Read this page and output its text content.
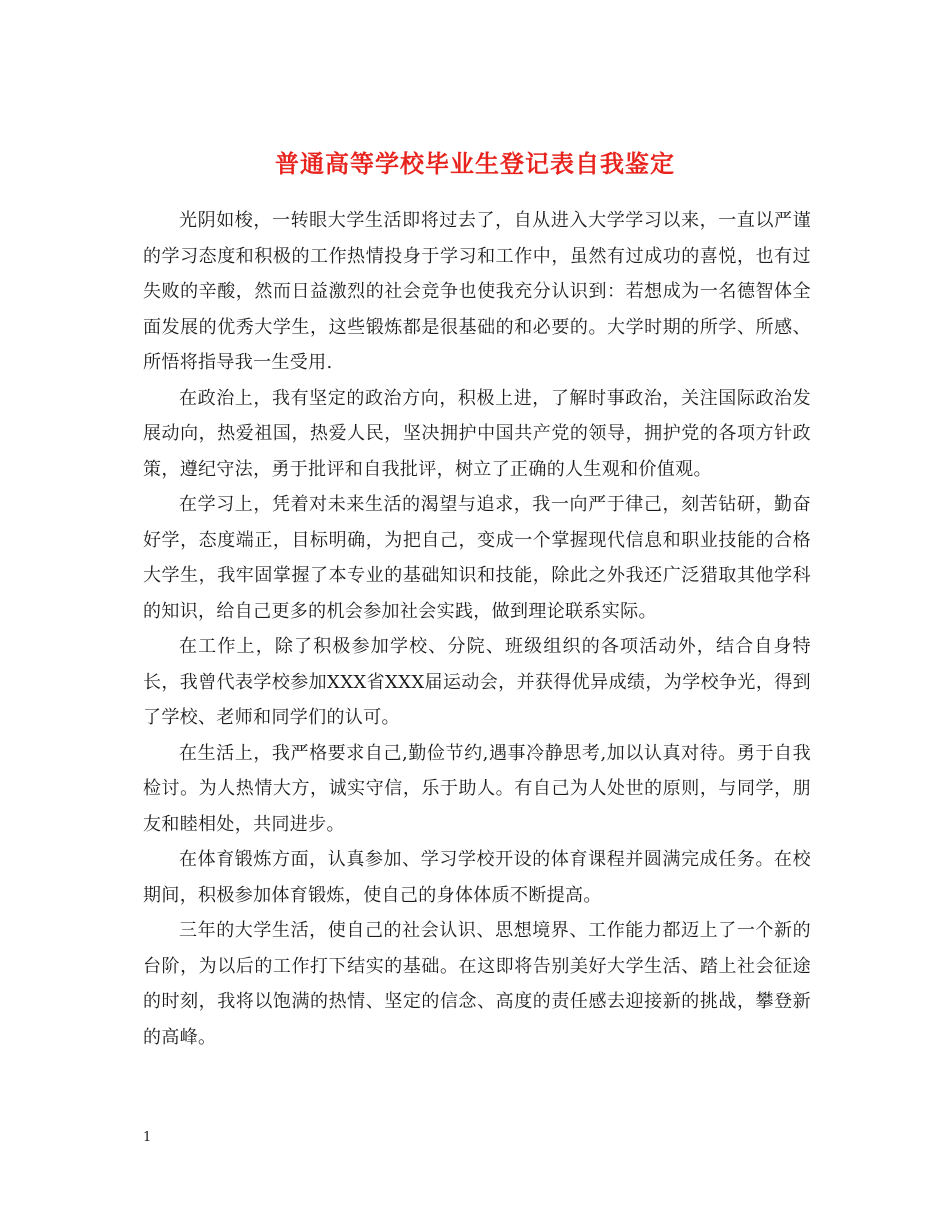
普通高等学校毕业生登记表自我鉴定

光阴如梭，一转眼大学生活即将过去了，自从进入大学学习以来，一直以严谨的学习态度和积极的工作热情投身于学习和工作中，虽然有过成功的喜悦，也有过失败的辛酸，然而日益激烈的社会竞争也使我充分认识到：若想成为一名德智体全面发展的优秀大学生，这些锻炼都是很基础的和必要的。大学时期的所学、所感、所悟将指导我一生受用.

在政治上，我有坚定的政治方向，积极上进，了解时事政治，关注国际政治发展动向，热爱祖国，热爱人民，坚决拥护中国共产党的领导，拥护党的各项方针政策，遵纪守法，勇于批评和自我批评，树立了正确的人生观和价值观。

在学习上，凭着对未来生活的渴望与追求，我一向严于律己，刻苦钻研，勤奋好学，态度端正，目标明确，为把自己，变成一个掌握现代信息和职业技能的合格大学生，我牢固掌握了本专业的基础知识和技能，除此之外我还广泛猎取其他学科的知识，给自己更多的机会参加社会实践，做到理论联系实际。

在工作上，除了积极参加学校、分院、班级组织的各项活动外，结合自身特长，我曾代表学校参加XXX省XXX届运动会，并获得优异成绩，为学校争光，得到了学校、老师和同学们的认可。

在生活上，我严格要求自己,勤俭节约,遇事冷静思考,加以认真对待。勇于自我检讨。为人热情大方，诚实守信，乐于助人。有自己为人处世的原则，与同学，朋友和睦相处，共同进步。

在体育锻炼方面，认真参加、学习学校开设的体育课程并圆满完成任务。在校期间，积极参加体育锻炼，使自己的身体体质不断提高。

三年的大学生活，使自己的社会认识、思想境界、工作能力都迈上了一个新的台阶，为以后的工作打下结实的基础。在这即将告别美好大学生活、踏上社会征途的时刻，我将以饱满的热情、坚定的信念、高度的责任感去迎接新的挑战，攀登新的高峰。

1
